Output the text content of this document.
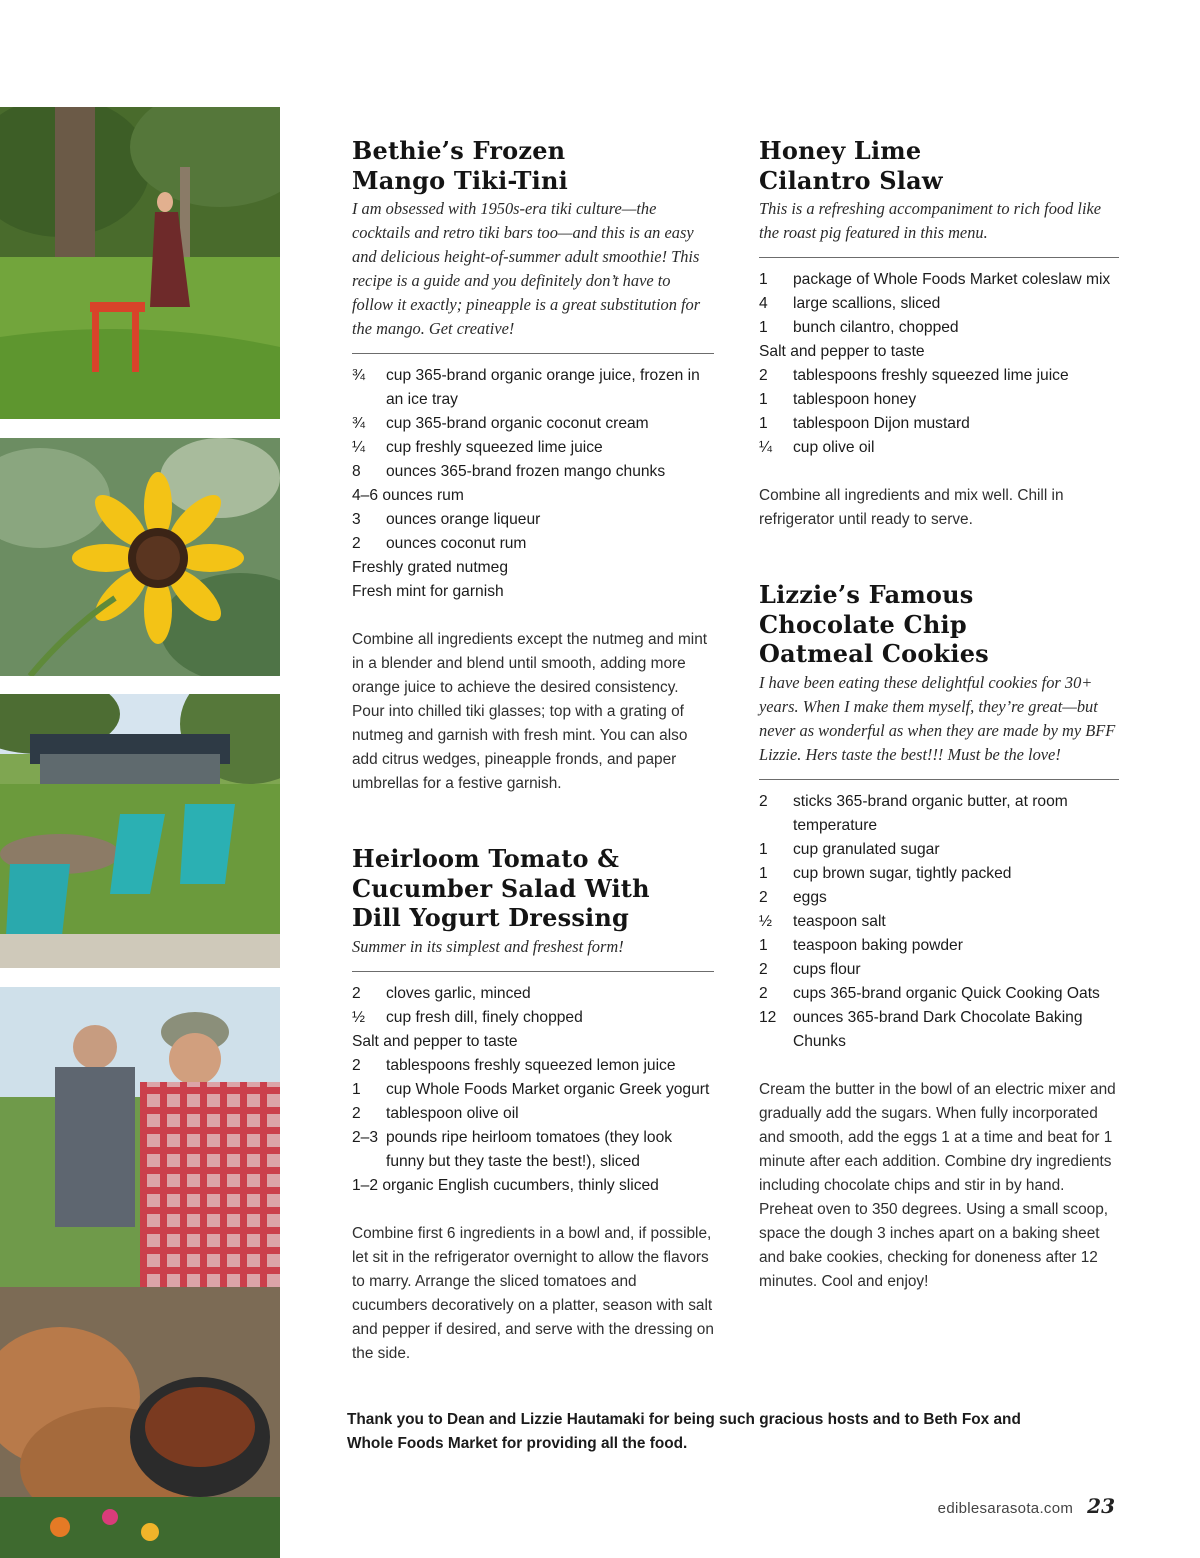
Bethie’s Frozen
Mango Tiki-Tini

I am obsessed with 1950s-era tiki culture—the cocktails and retro tiki bars too—and this is an easy and delicious height-of-summer adult smoothie! This recipe is a guide and you definitely don’t have to follow it exactly; pineapple is a great substitution for the mango. Get creative!

¾	cup 365-brand organic orange juice, frozen in an ice tray
¾	cup 365-brand organic coconut cream
¼	cup freshly squeezed lime juice
8	ounces 365-brand frozen mango chunks
4–6 ounces rum
3	ounces orange liqueur
2	ounces coconut rum
Freshly grated nutmeg
Fresh mint for garnish

Combine all ingredients except the nutmeg and mint in a blender and blend until smooth, adding more orange juice to achieve the desired consistency. Pour into chilled tiki glasses; top with a grating of nutmeg and garnish with fresh mint. You can also add citrus wedges, pineapple fronds, and paper umbrellas for a festive garnish.

Heirloom Tomato &
Cucumber Salad With
Dill Yogurt Dressing

Summer in its simplest and freshest form!

2	cloves garlic, minced
½	cup fresh dill, finely chopped
Salt and pepper to taste
2	tablespoons freshly squeezed lemon juice
1	cup Whole Foods Market organic Greek yogurt
2	tablespoon olive oil
2–3 pounds ripe heirloom tomatoes (they look funny but they taste the best!), sliced
1–2 organic English cucumbers, thinly sliced

Combine first 6 ingredients in a bowl and, if possible, let sit in the refrigerator overnight to allow the flavors to marry. Arrange the sliced tomatoes and cucumbers decoratively on a platter, season with salt and pepper if desired, and serve with the dressing on the side.

Honey Lime
Cilantro Slaw

This is a refreshing accompaniment to rich food like the roast pig featured in this menu.

1	package of Whole Foods Market coleslaw mix
4	large scallions, sliced
1	bunch cilantro, chopped
Salt and pepper to taste
2	tablespoons freshly squeezed lime juice
1	tablespoon honey
1	tablespoon Dijon mustard
¼	cup olive oil

Combine all ingredients and mix well. Chill in refrigerator until ready to serve.

Lizzie’s Famous
Chocolate Chip
Oatmeal Cookies

I have been eating these delightful cookies for 30+ years. When I make them myself, they’re great—but never as wonderful as when they are made by my BFF Lizzie. Hers taste the best!!! Must be the love!

2	sticks 365-brand organic butter, at room temperature
1	cup granulated sugar
1	cup brown sugar, tightly packed
2	eggs
½	teaspoon salt
1	teaspoon baking powder
2	cups flour
2	cups 365-brand organic Quick Cooking Oats
12	ounces 365-brand Dark Chocolate Baking Chunks

Cream the butter in the bowl of an electric mixer and gradually add the sugars. When fully incorporated and smooth, add the eggs 1 at a time and beat for 1 minute after each addition. Combine dry ingredients including chocolate chips and stir in by hand. Preheat oven to 350 degrees. Using a small scoop, space the dough 3 inches apart on a baking sheet and bake cookies, checking for doneness after 12 minutes. Cool and enjoy!

Thank you to Dean and Lizzie Hautamaki for being such gracious hosts and to Beth Fox and Whole Foods Market for providing all the food.

ediblesarasota.com 23
